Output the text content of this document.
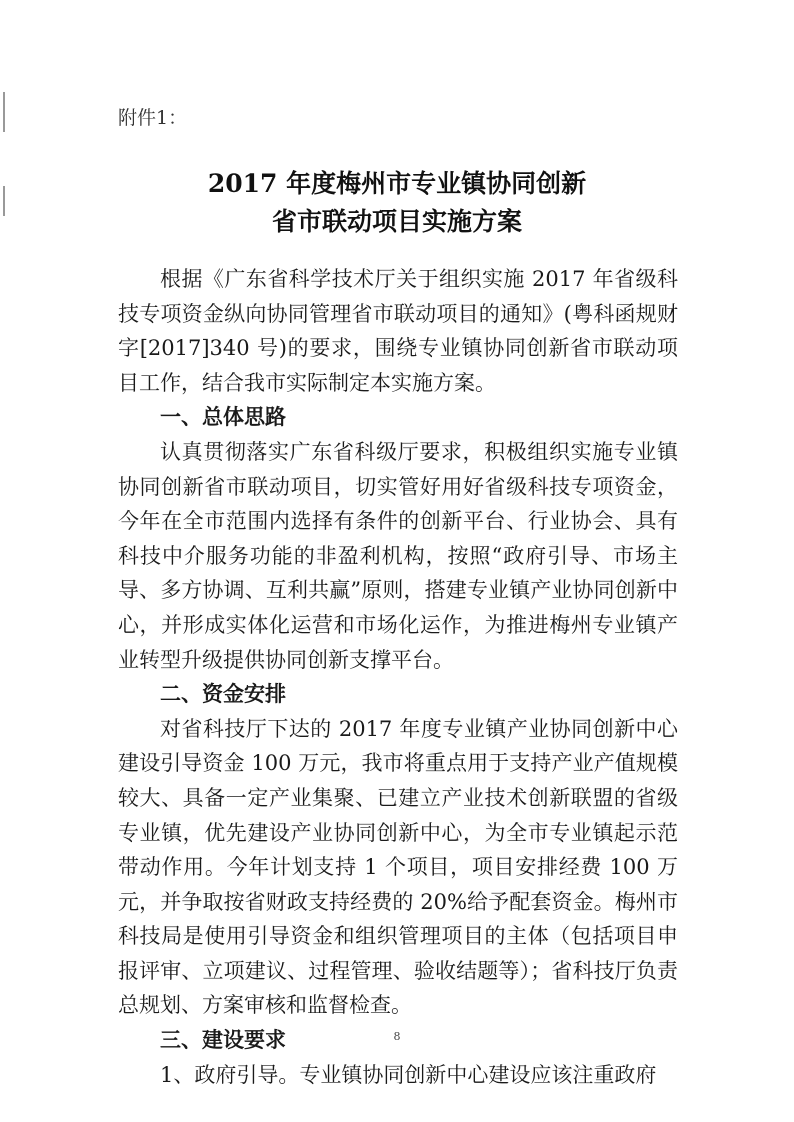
附件1：
2017 年度梅州市专业镇协同创新
省市联动项目实施方案

根据《广东省科学技术厅关于组织实施 2017 年省级科技专项资金纵向协同管理省市联动项目的通知》(粤科函规财字[2017]340 号)的要求，围绕专业镇协同创新省市联动项目工作，结合我市实际制定本实施方案。

一、总体思路

认真贯彻落实广东省科级厅要求，积极组织实施专业镇协同创新省市联动项目，切实管好用好省级科技专项资金，今年在全市范围内选择有条件的创新平台、行业协会、具有科技中介服务功能的非盈利机构，按照“政府引导、市场主导、多方协调、互利共赢”原则，搭建专业镇产业协同创新中心，并形成实体化运营和市场化运作，为推进梅州专业镇产业转型升级提供协同创新支撑平台。

二、资金安排

对省科技厅下达的 2017 年度专业镇产业协同创新中心建设引导资金 100 万元，我市将重点用于支持产业产值规模较大、具备一定产业集聚、已建立产业技术创新联盟的省级专业镇，优先建设产业协同创新中心，为全市专业镇起示范带动作用。今年计划支持 1 个项目，项目安排经费 100 万元，并争取按省财政支持经费的 20%给予配套资金。梅州市科技局是使用引导资金和组织管理项目的主体（包括项目申报评审、立项建议、过程管理、验收结题等）；省科技厅负责总规划、方案审核和监督检查。

三、建设要求

1、政府引导。专业镇协同创新中心建设应该注重政府

8
